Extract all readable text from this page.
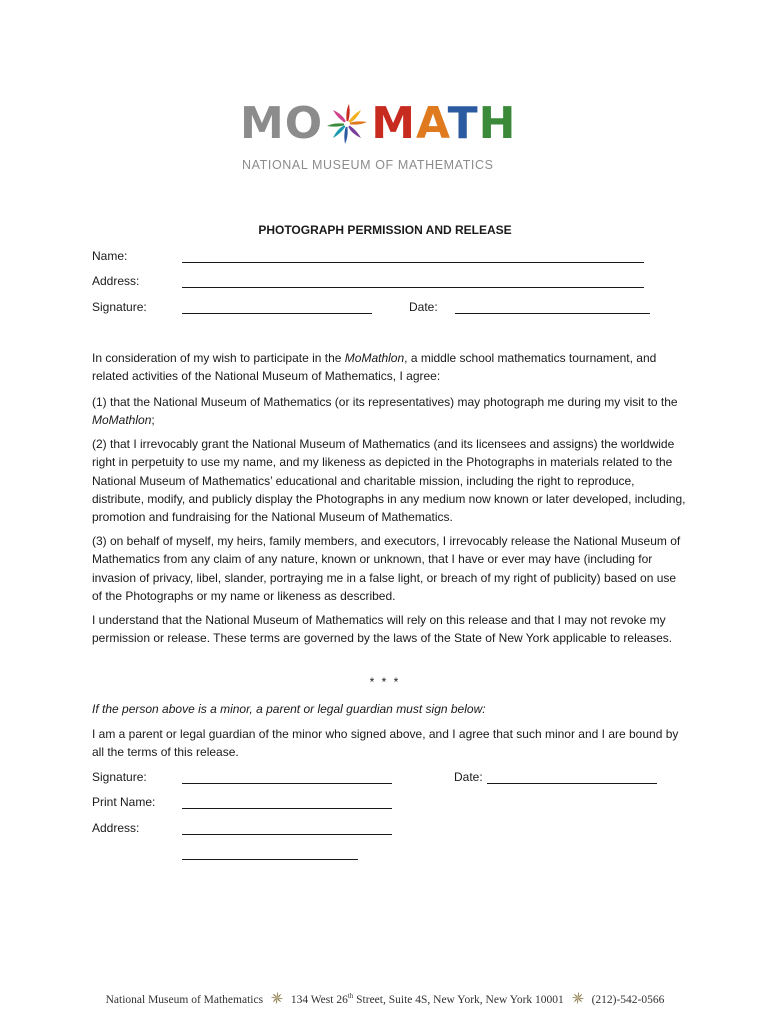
MO MATH
NATIONAL MUSEUM OF MATHEMATICS
PHOTOGRAPH PERMISSION AND RELEASE
Name:
Address:
Signature:	Date:
In consideration of my wish to participate in the MoMathlon, a middle school mathematics tournament, and related activities of the National Museum of Mathematics, I agree:
(1) that the National Museum of Mathematics (or its representatives) may photograph me during my visit to the MoMathlon;
(2) that I irrevocably grant the National Museum of Mathematics (and its licensees and assigns) the worldwide right in perpetuity to use my name, and my likeness as depicted in the Photographs in materials related to the National Museum of Mathematics’ educational and charitable mission, including the right to reproduce, distribute, modify, and publicly display the Photographs in any medium now known or later developed, including, promotion and fundraising for the National Museum of Mathematics.
(3) on behalf of myself, my heirs, family members, and executors, I irrevocably release the National Museum of Mathematics from any claim of any nature, known or unknown, that I have or ever may have (including for invasion of privacy, libel, slander, portraying me in a false light, or breach of my right of publicity) based on use of the Photographs or my name or likeness as described.
I understand that the National Museum of Mathematics will rely on this release and that I may not revoke my permission or release. These terms are governed by the laws of the State of New York applicable to releases.
* * *
If the person above is a minor, a parent or legal guardian must sign below:
I am a parent or legal guardian of the minor who signed above, and I agree that such minor and I are bound by all the terms of this release.
Signature:	Date:
Print Name:
Address:
National Museum of Mathematics 134 West 26th Street, Suite 4S, New York, New York 10001 (212)-542-0566
